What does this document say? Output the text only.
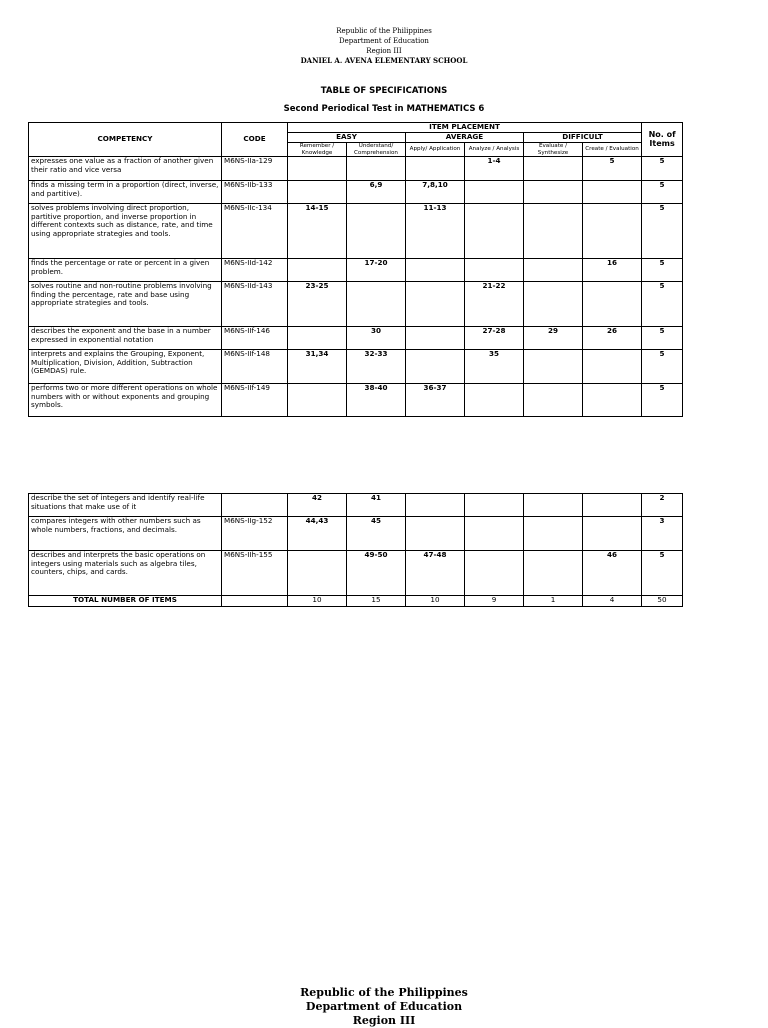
Republic of the Philippines
Department of Education
Region III
DANIEL A. AVENA ELEMENTARY SCHOOL
TABLE OF SPECIFICATIONS
Second Periodical Test in MATHEMATICS 6
COMPETENCY	CODE	ITEM PLACEMENT						No. of Items
		EASY		AVERAGE		DIFFICULT		
		Remember / Knowledge	Understand/ Comprehension	Apply/ Application	Analyze / Analysis	Evaluate / Synthesize	Create / Evaluation	

expresses one value as a fraction of another given their ratio and vice versa	M6NS-IIa-129				1-4		5	5
finds a missing term in a proportion (direct, inverse, and partitive).	M6NS-IIb-133		6,9	7,8,10				5
solves problems involving direct proportion, partitive proportion, and inverse proportion in different contexts such as distance, rate, and time using appropriate strategies and tools.	M6NS-IIc-134	14-15		11-13				5
finds the percentage or rate or percent in a given problem.	M6NS-IId-142		17-20				16	5
solves routine and non-routine problems involving finding the percentage, rate and base using appropriate strategies and tools.	M6NS-IId-143	23-25			21-22			5
describes the exponent and the base in a number expressed in exponential notation	M6NS-IIf-146		30		27-28	29	26	5
interprets and explains the Grouping, Exponent, Multiplication, Division, Addition, Subtraction (GEMDAS) rule.	M6NS-IIf-148	31,34	32-33		35			5
performs two or more different operations on whole numbers with or without exponents and grouping symbols.	M6NS-IIf-149		38-40	36-37				5
describe the set of integers and identify real-life situations that make use of it		42	41					2
compares integers with other numbers such as whole numbers, fractions, and decimals.	M6NS-IIg-152	44,43	45					3
describes and interprets the basic operations on integers using materials such as algebra tiles, counters, chips, and cards.	M6NS-IIh-155		49-50	47-48			46	5
TOTAL NUMBER OF ITEMS		10	15	10	9	1	4	50
Republic of the Philippines
Department of Education
Region III
